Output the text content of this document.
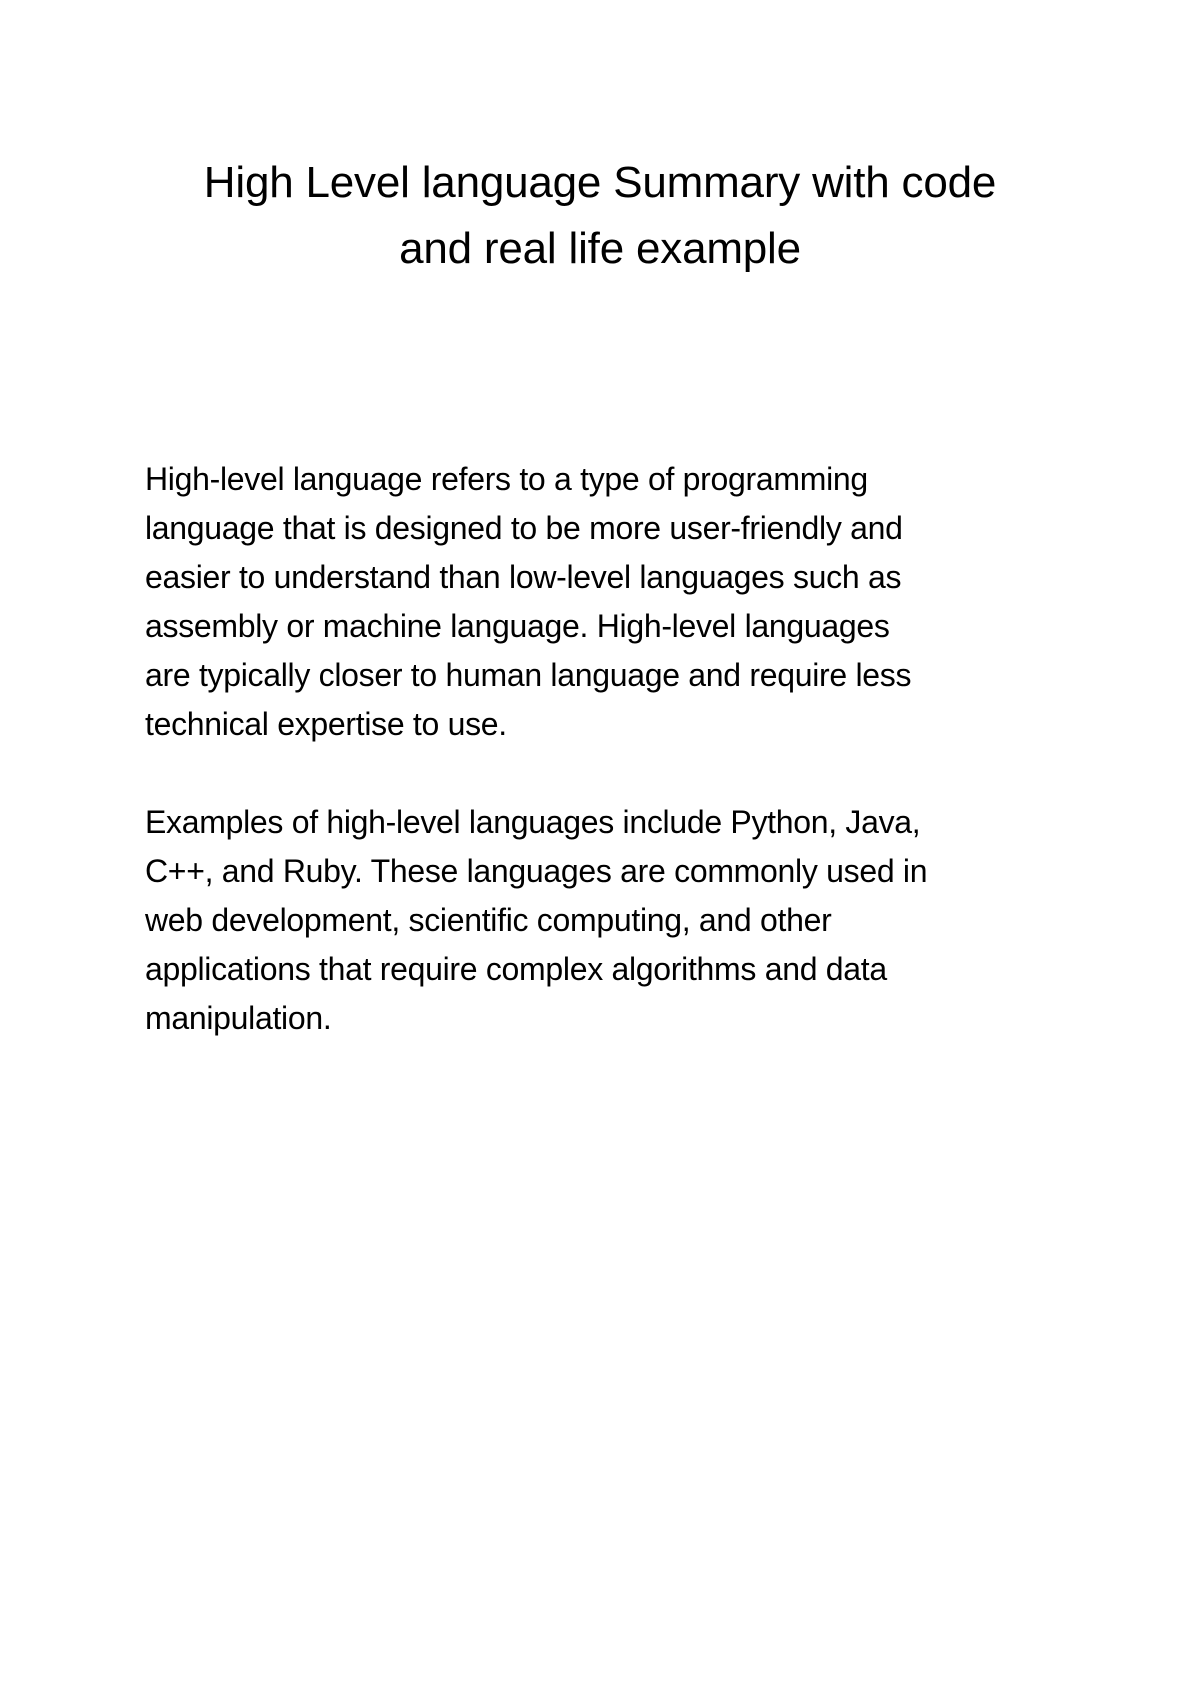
High Level language Summary with code
and real life example

High-level language refers to a type of programming
language that is designed to be more user-friendly and
easier to understand than low-level languages such as
assembly or machine language. High-level languages
are typically closer to human language and require less
technical expertise to use.

Examples of high-level languages include Python, Java,
C++, and Ruby. These languages are commonly used in
web development, scientific computing, and other
applications that require complex algorithms and data
manipulation.
